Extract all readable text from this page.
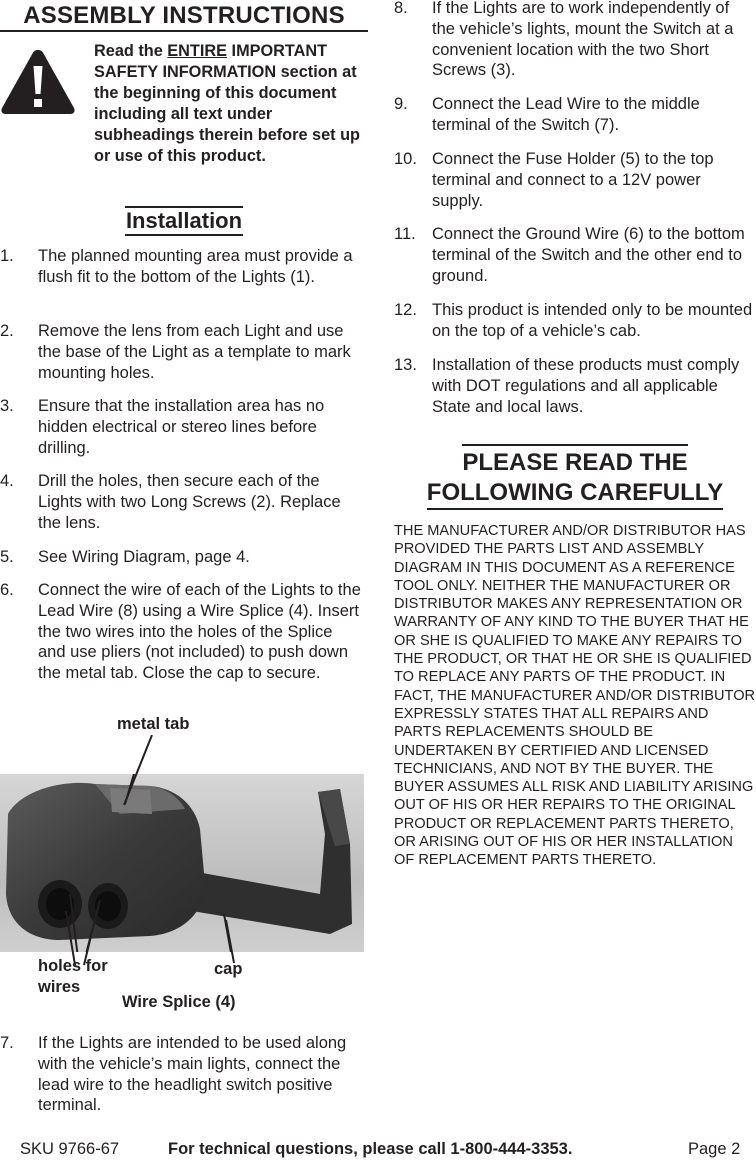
ASSEMBLY INSTRUCTIONS
Read the ENTIRE IMPORTANT SAFETY INFORMATION section at the beginning of this document including all text under subheadings therein before set up or use of this product.
Installation
1. The planned mounting area must provide a flush fit to the bottom of the Lights (1).
2. Remove the lens from each Light and use the base of the Light as a template to mark mounting holes.
3. Ensure that the installation area has no hidden electrical or stereo lines before drilling.
4. Drill the holes, then secure each of the Lights with two Long Screws (2). Replace the lens.
5. See Wiring Diagram, page 4.
6. Connect the wire of each of the Lights to the Lead Wire (8) using a Wire Splice (4). Insert the two wires into the holes of the Splice and use pliers (not included) to push down the metal tab. Close the cap to secure.
metal tab
holes for wires
cap
Wire Splice (4)
7. If the Lights are intended to be used along with the vehicle’s main lights, connect the lead wire to the headlight switch positive terminal.
8. If the Lights are to work independently of the vehicle’s lights, mount the Switch at a convenient location with the two Short Screws (3).
9. Connect the Lead Wire to the middle terminal of the Switch (7).
10. Connect the Fuse Holder (5) to the top terminal and connect to a 12V power supply.
11. Connect the Ground Wire (6) to the bottom terminal of the Switch and the other end to ground.
12. This product is intended only to be mounted on the top of a vehicle’s cab.
13. Installation of these products must comply with DOT regulations and all applicable State and local laws.
PLEASE READ THE
FOLLOWING CAREFULLY
THE MANUFACTURER AND/OR DISTRIBUTOR HAS PROVIDED THE PARTS LIST AND ASSEMBLY DIAGRAM IN THIS DOCUMENT AS A REFERENCE TOOL ONLY. NEITHER THE MANUFACTURER OR DISTRIBUTOR MAKES ANY REPRESENTATION OR WARRANTY OF ANY KIND TO THE BUYER THAT HE OR SHE IS QUALIFIED TO MAKE ANY REPAIRS TO THE PRODUCT, OR THAT HE OR SHE IS QUALIFIED TO REPLACE ANY PARTS OF THE PRODUCT. IN FACT, THE MANUFACTURER AND/OR DISTRIBUTOR EXPRESSLY STATES THAT ALL REPAIRS AND PARTS REPLACEMENTS SHOULD BE UNDERTAKEN BY CERTIFIED AND LICENSED TECHNICIANS, AND NOT BY THE BUYER. THE BUYER ASSUMES ALL RISK AND LIABILITY ARISING OUT OF HIS OR HER REPAIRS TO THE ORIGINAL PRODUCT OR REPLACEMENT PARTS THERETO, OR ARISING OUT OF HIS OR HER INSTALLATION OF REPLACEMENT PARTS THERETO.
SKU 9766-67	For technical questions, please call 1-800-444-3353.	Page 2
